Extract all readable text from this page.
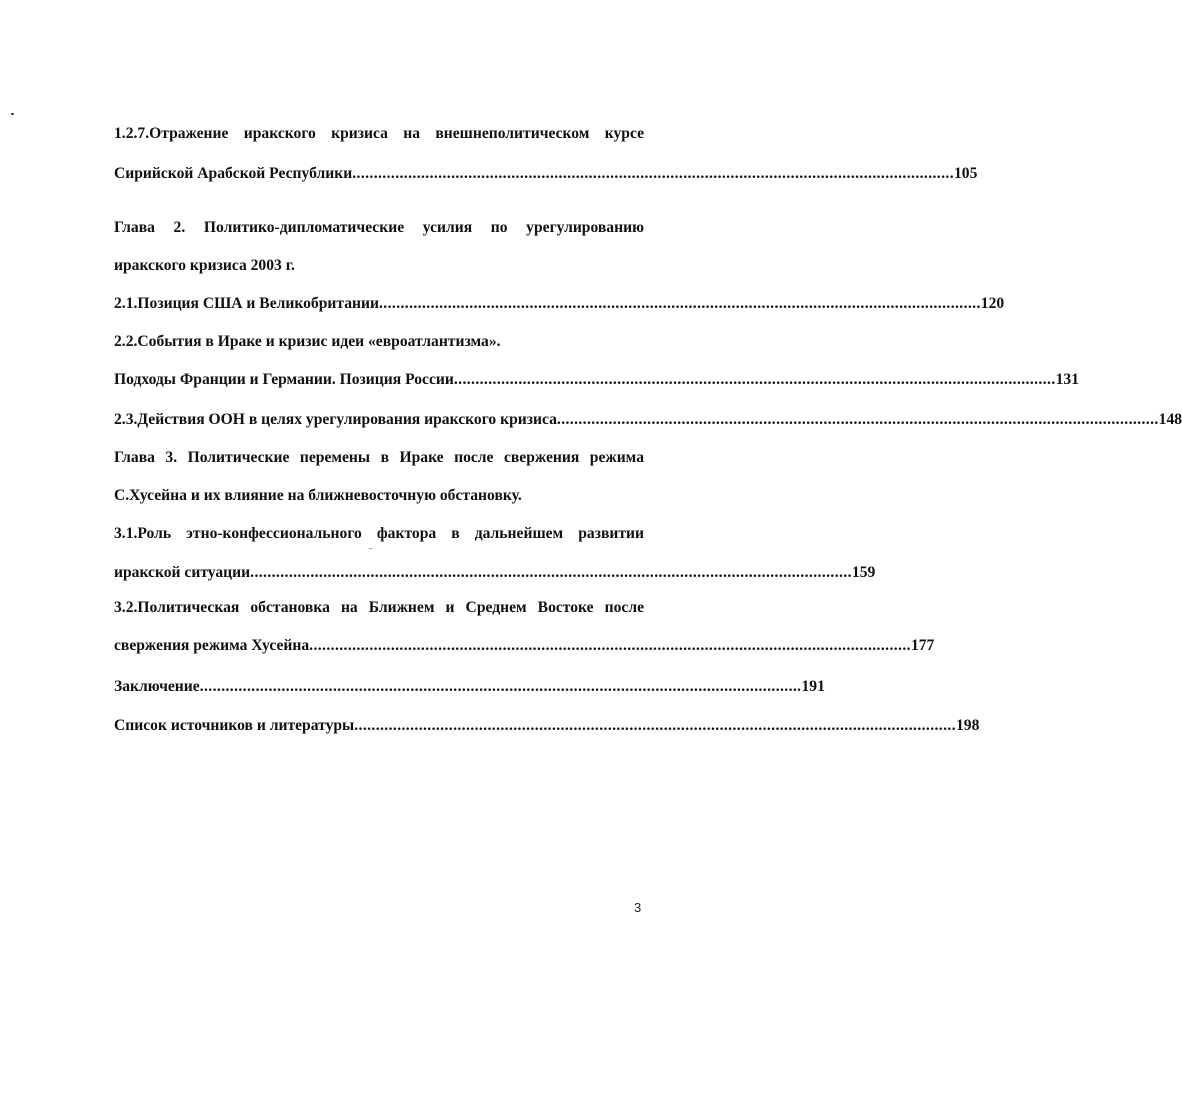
1.2.7.Отражение иракского кризиса на внешнеполитическом курсе
Сирийской Арабской Республики ............................................................................................................................................ 105
Глава 2. Политико-дипломатические усилия по урегулированию
иракского кризиса 2003 г.
2.1.Позиция США и Великобритании ............................................................................................................................................ 120
2.2.События в Ираке и кризис идеи «евроатлантизма».
Подходы Франции и Германии. Позиция России ............................................................................................................................................ 131
2.3.Действия ООН в целях урегулирования иракского кризиса ............................................................................................................................................ 148
Глава 3. Политические перемены в Ираке после свержения режима
С.Хусейна и их влияние на ближневосточную обстановку.
3.1.Роль этно-конфессионального фактора в дальнейшем развитии
иракской ситуации ............................................................................................................................................ 159
3.2.Политическая обстановка на Ближнем и Среднем Востоке после
свержения режима Хусейна ............................................................................................................................................ 177
Заключение ............................................................................................................................................ 191
Список источников и литературы ............................................................................................................................................ 198
3
